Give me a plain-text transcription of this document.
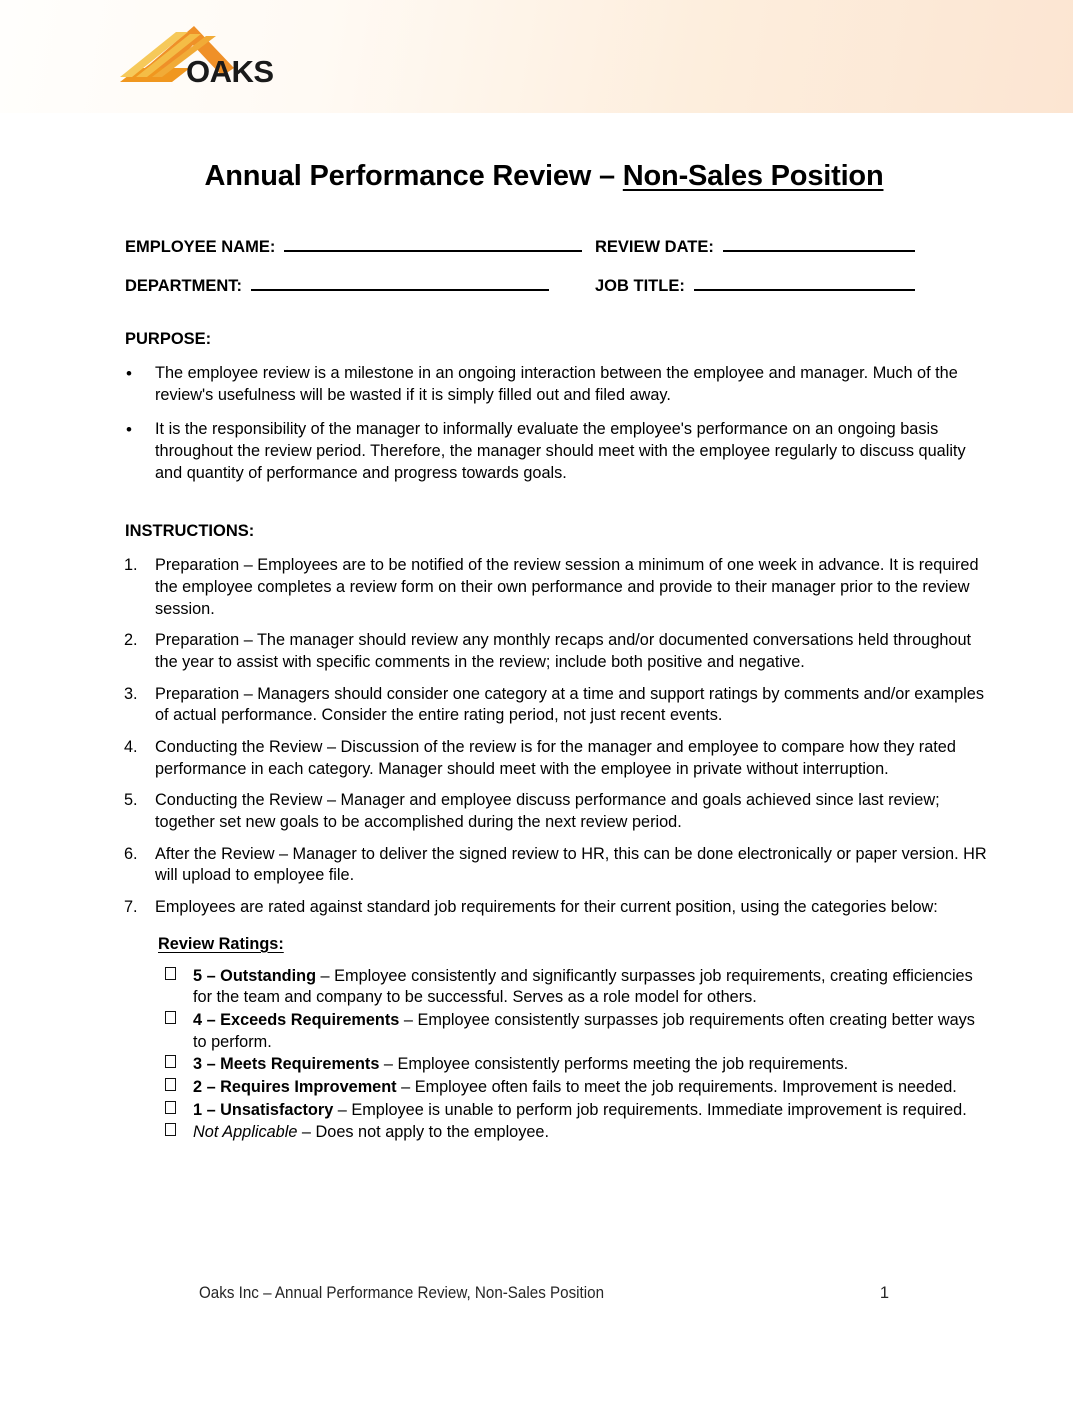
OAKS
Annual Performance Review – Non-Sales Position
EMPLOYEE NAME:	REVIEW DATE:
DEPARTMENT:	JOB TITLE:
PURPOSE:
• The employee review is a milestone in an ongoing interaction between the employee and manager. Much of the review's usefulness will be wasted if it is simply filled out and filed away.
• It is the responsibility of the manager to informally evaluate the employee's performance on an ongoing basis throughout the review period. Therefore, the manager should meet with the employee regularly to discuss quality and quantity of performance and progress towards goals.
INSTRUCTIONS:
1. Preparation – Employees are to be notified of the review session a minimum of one week in advance. It is required the employee completes a review form on their own performance and provide to their manager prior to the review session.
2. Preparation – The manager should review any monthly recaps and/or documented conversations held throughout the year to assist with specific comments in the review; include both positive and negative.
3. Preparation – Managers should consider one category at a time and support ratings by comments and/or examples of actual performance. Consider the entire rating period, not just recent events.
4. Conducting the Review – Discussion of the review is for the manager and employee to compare how they rated performance in each category. Manager should meet with the employee in private without interruption.
5. Conducting the Review – Manager and employee discuss performance and goals achieved since last review; together set new goals to be accomplished during the next review period.
6. After the Review – Manager to deliver the signed review to HR, this can be done electronically or paper version. HR will upload to employee file.
7. Employees are rated against standard job requirements for their current position, using the categories below:
Review Ratings:
5 – Outstanding – Employee consistently and significantly surpasses job requirements, creating efficiencies for the team and company to be successful. Serves as a role model for others.
4 – Exceeds Requirements – Employee consistently surpasses job requirements often creating better ways to perform.
3 – Meets Requirements – Employee consistently performs meeting the job requirements.
2 – Requires Improvement – Employee often fails to meet the job requirements. Improvement is needed.
1 – Unsatisfactory – Employee is unable to perform job requirements. Immediate improvement is required.
Not Applicable – Does not apply to the employee.
Oaks Inc – Annual Performance Review, Non-Sales Position	1
